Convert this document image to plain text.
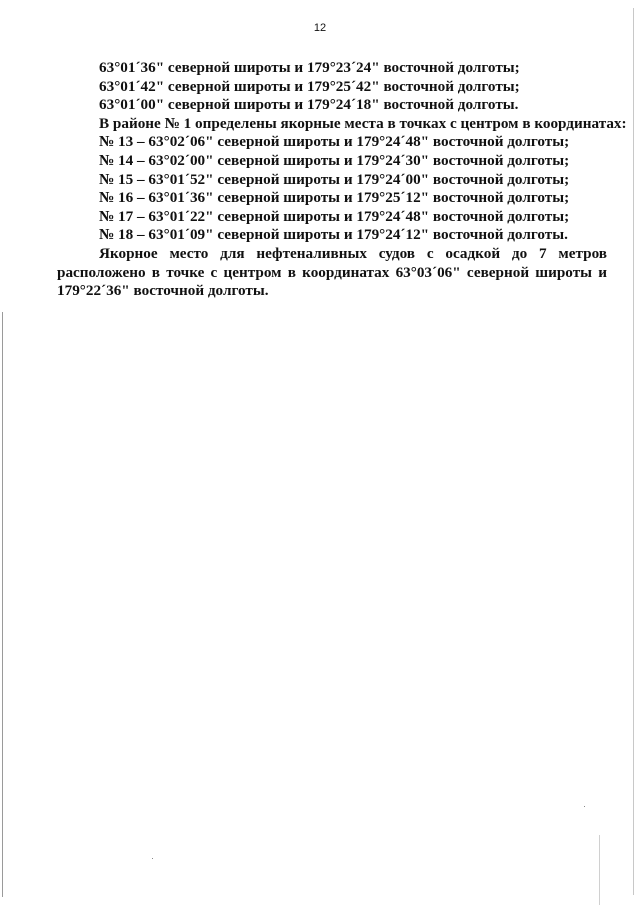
12
63°01´36" северной широты и 179°23´24" восточной долготы;
63°01´42" северной широты и 179°25´42" восточной долготы;
63°01´00" северной широты и 179°24´18" восточной долготы.
В районе № 1 определены якорные места в точках с центром в координатах:
№ 13 – 63°02´06" северной широты и 179°24´48" восточной долготы;
№ 14 – 63°02´00" северной широты и 179°24´30" восточной долготы;
№ 15 – 63°01´52" северной широты и 179°24´00" восточной долготы;
№ 16 – 63°01´36" северной широты и 179°25´12" восточной долготы;
№ 17 – 63°01´22" северной широты и 179°24´48" восточной долготы;
№ 18 – 63°01´09" северной широты и 179°24´12" восточной долготы.
Якорное место для нефтеналивных судов с осадкой до 7 метров расположено в точке с центром в координатах 63°03´06" северной широты и 179°22´36" восточной долготы.
